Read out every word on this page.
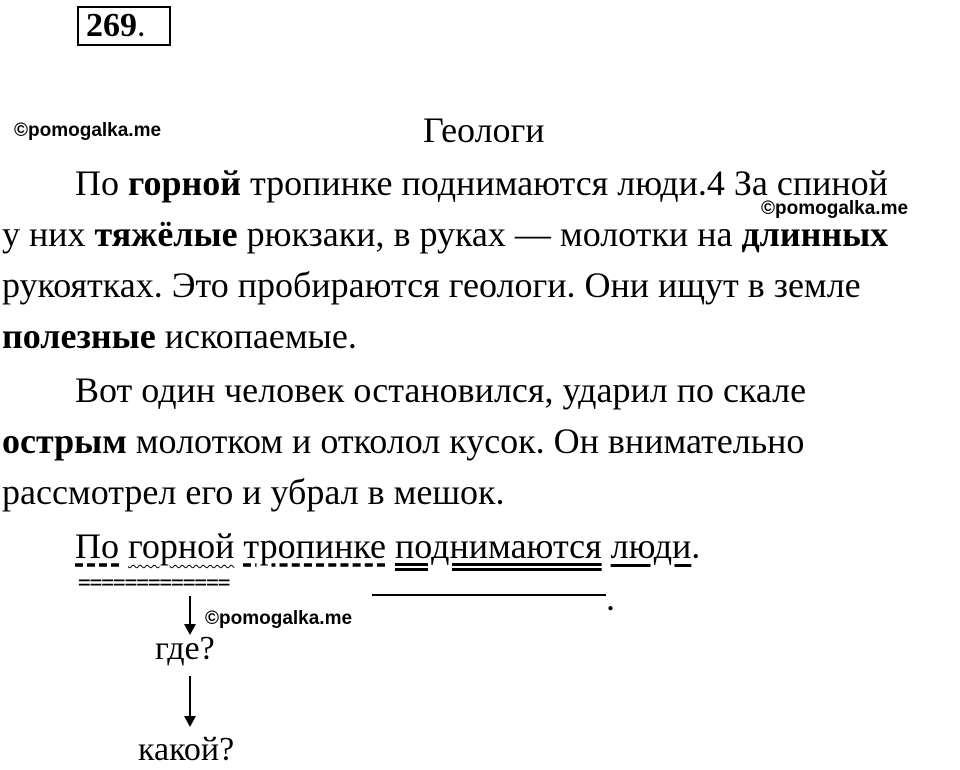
269.
©pomogalka.me
©pomogalka.me
©pomogalka.me
Геологи
По горной тропинке поднимаются люди.4 За спиной
у них тяжёлые рюкзаки, в руках — молотки на длинных
рукоятках. Это пробираются геологи. Они ищут в земле
полезные ископаемые.
Вот один человек остановился, ударил по скале
острым молотком и отколол кусок. Он внимательно
рассмотрел его и убрал в мешок.
По горной тропинке поднимаются люди.
=============	.
где?
какой?
